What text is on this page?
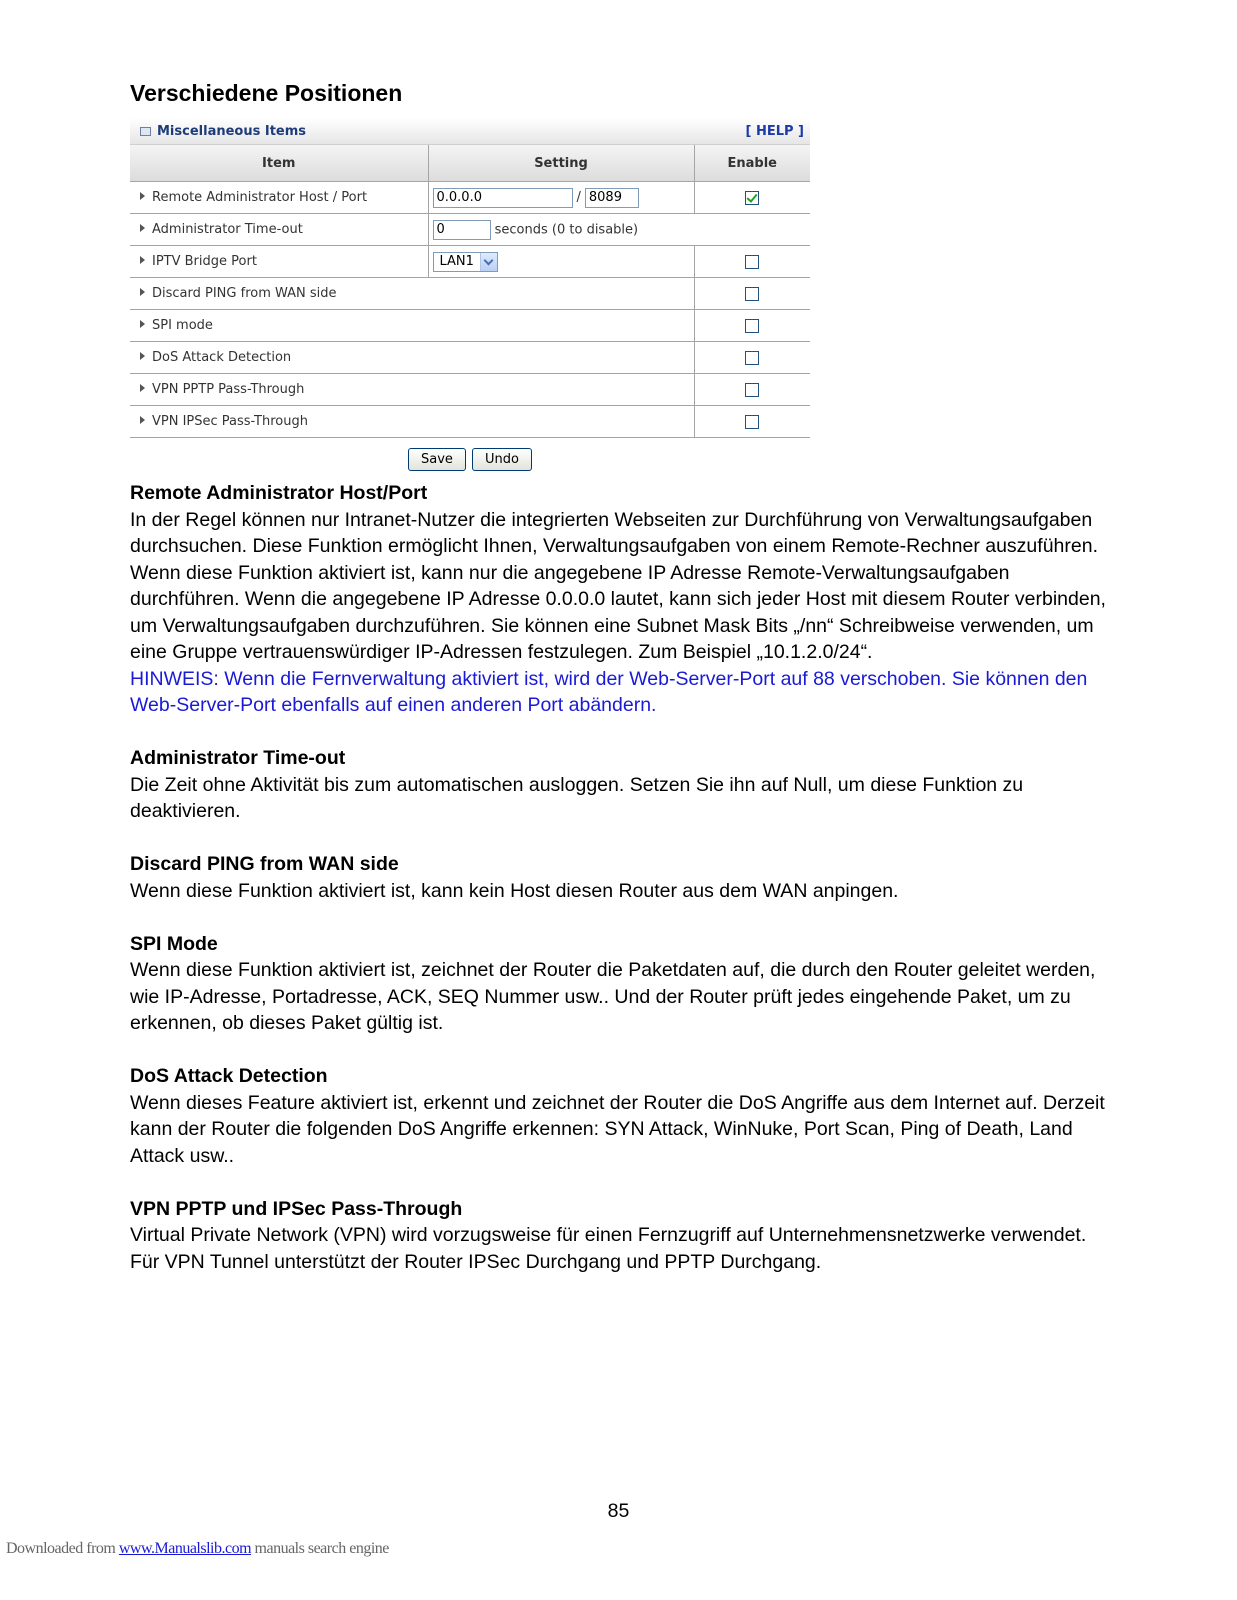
Verschiedene Positionen
Miscellaneous Items	[ HELP ]
Item	Setting	Enable
Remote Administrator Host / Port	0.0.0.0/8089	
Administrator Time-out	0seconds (0 to disable)
IPTV Bridge Port	LAN1	

Discard PING from WAN side		
SPI mode		
DoS Attack Detection		
VPN PPTP Pass-Through		
VPN IPSec Pass-Through		
Save Undo
Remote Administrator Host/Port

In der Regel können nur Intranet-Nutzer die integrierten Webseiten zur Durchführung von Verwaltungsaufgaben durchsuchen. Diese Funktion ermöglicht Ihnen, Verwaltungsaufgaben von einem Remote-Rechner auszuführen. Wenn diese Funktion aktiviert ist, kann nur die angegebene IP Adresse Remote-Verwaltungsaufgaben durchführen. Wenn die angegebene IP Adresse 0.0.0.0 lautet, kann sich jeder Host mit diesem Router verbinden, um Verwaltungsaufgaben durchzuführen. Sie können eine Subnet Mask Bits „/nn“ Schreibweise verwenden, um eine Gruppe vertrauenswürdiger IP-Adressen festzulegen. Zum Beispiel „10.1.2.0/24“.

HINWEIS: Wenn die Fernverwaltung aktiviert ist, wird der Web-Server-Port auf 88 verschoben. Sie können den Web-Server-Port ebenfalls auf einen anderen Port abändern.

Administrator Time-out

Die Zeit ohne Aktivität bis zum automatischen ausloggen. Setzen Sie ihn auf Null, um diese Funktion zu deaktivieren.

Discard PING from WAN side

Wenn diese Funktion aktiviert ist, kann kein Host diesen Router aus dem WAN anpingen.

SPI Mode

Wenn diese Funktion aktiviert ist, zeichnet der Router die Paketdaten auf, die durch den Router geleitet werden, wie IP-Adresse, Portadresse, ACK, SEQ Nummer usw.. Und der Router prüft jedes eingehende Paket, um zu erkennen, ob dieses Paket gültig ist.

DoS Attack Detection

Wenn dieses Feature aktiviert ist, erkennt und zeichnet der Router die DoS Angriffe aus dem Internet auf. Derzeit kann der Router die folgenden DoS Angriffe erkennen: SYN Attack, WinNuke, Port Scan, Ping of Death, Land Attack usw..

VPN PPTP und IPSec Pass-Through

Virtual Private Network (VPN) wird vorzugsweise für einen Fernzugriff auf Unternehmensnetzwerke verwendet. Für VPN Tunnel unterstützt der Router IPSec Durchgang und PPTP Durchgang.

85
Downloaded from www.Manualslib.com manuals search engine
